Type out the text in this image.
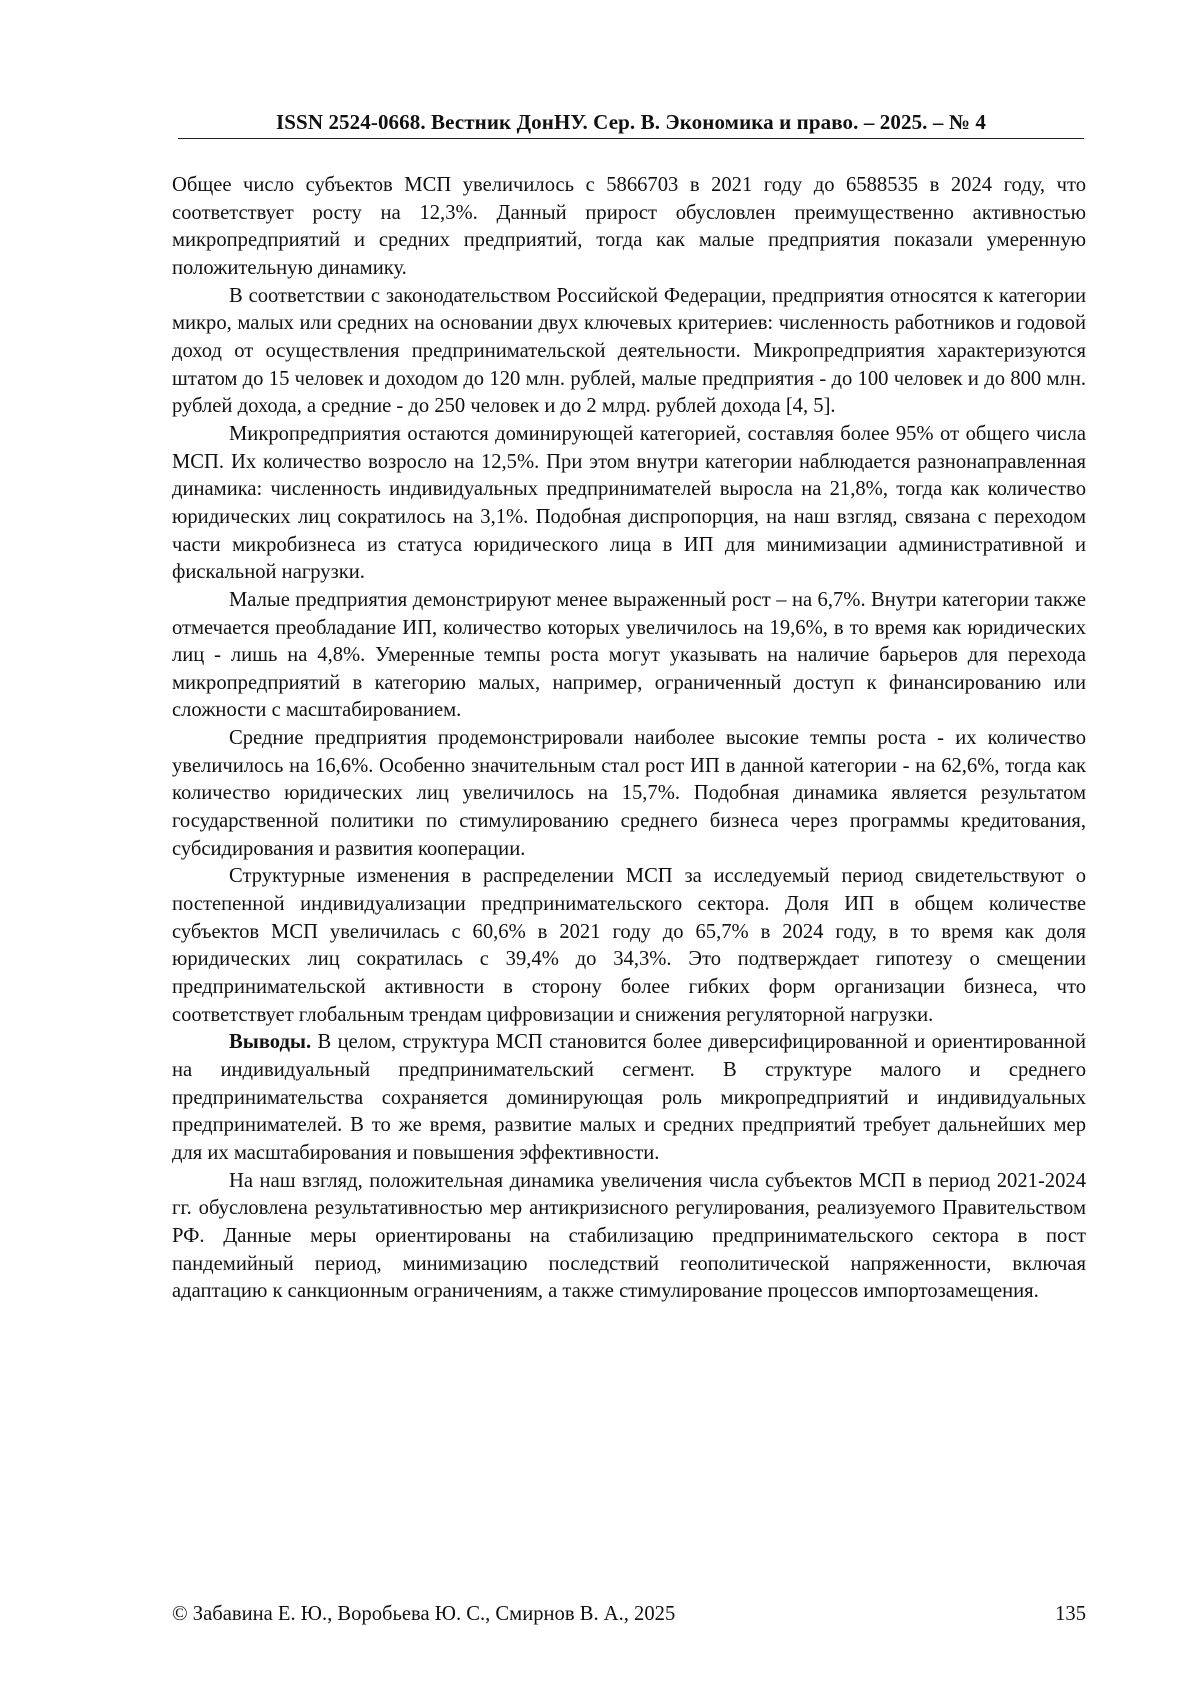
ISSN 2524-0668. Вестник ДонНУ. Сер. В. Экономика и право. – 2025. – № 4

Общее число субъектов МСП увеличилось с 5866703 в 2021 году до 6588535 в 2024 году, что соответствует росту на 12,3%. Данный прирост обусловлен преимущественно активностью микропредприятий и средних предприятий, тогда как малые предприятия показали умеренную положительную динамику.

В соответствии с законодательством Российской Федерации, предприятия относятся к категории микро, малых или средних на основании двух ключевых критериев: численность работников и годовой доход от осуществления предпринимательской деятельности. Микропредприятия характеризуются штатом до 15 человек и доходом до 120 млн. рублей, малые предприятия - до 100 человек и до 800 млн. рублей дохода, а средние - до 250 человек и до 2 млрд. рублей дохода [4, 5].

Микропредприятия остаются доминирующей категорией, составляя более 95% от общего числа МСП. Их количество возросло на 12,5%. При этом внутри категории наблюдается разнонаправленная динамика: численность индивидуальных предпринимателей выросла на 21,8%, тогда как количество юридических лиц сократилось на 3,1%. Подобная диспропорция, на наш взгляд, связана с переходом части микробизнеса из статуса юридического лица в ИП для минимизации административной и фискальной нагрузки.

Малые предприятия демонстрируют менее выраженный рост – на 6,7%. Внутри категории также отмечается преобладание ИП, количество которых увеличилось на 19,6%, в то время как юридических лиц - лишь на 4,8%. Умеренные темпы роста могут указывать на наличие барьеров для перехода микропредприятий в категорию малых, например, ограниченный доступ к финансированию или сложности с масштабированием.

Средние предприятия продемонстрировали наиболее высокие темпы роста - их количество увеличилось на 16,6%. Особенно значительным стал рост ИП в данной категории - на 62,6%, тогда как количество юридических лиц увеличилось на 15,7%. Подобная динамика является результатом государственной политики по стимулированию среднего бизнеса через программы кредитования, субсидирования и развития кооперации.

Структурные изменения в распределении МСП за исследуемый период свидетельствуют о постепенной индивидуализации предпринимательского сектора. Доля ИП в общем количестве субъектов МСП увеличилась с 60,6% в 2021 году до 65,7% в 2024 году, в то время как доля юридических лиц сократилась с 39,4% до 34,3%. Это подтверждает гипотезу о смещении предпринимательской активности в сторону более гибких форм организации бизнеса, что соответствует глобальным трендам цифровизации и снижения регуляторной нагрузки.

Выводы. В целом, структура МСП становится более диверсифицированной и ориентированной на индивидуальный предпринимательский сегмент. В структуре малого и среднего предпринимательства сохраняется доминирующая роль микропредприятий и индивидуальных предпринимателей. В то же время, развитие малых и средних предприятий требует дальнейших мер для их масштабирования и повышения эффективности.

На наш взгляд, положительная динамика увеличения числа субъектов МСП в период 2021-2024 гг. обусловлена результативностью мер антикризисного регулирования, реализуемого Правительством РФ. Данные меры ориентированы на стабилизацию предпринимательского сектора в пост пандемийный период, минимизацию последствий геополитической напряженности, включая адаптацию к санкционным ограничениям, а также стимулирование процессов импортозамещения.

© Забавина Е. Ю., Воробьева Ю. С., Смирнов В. А., 2025	135
